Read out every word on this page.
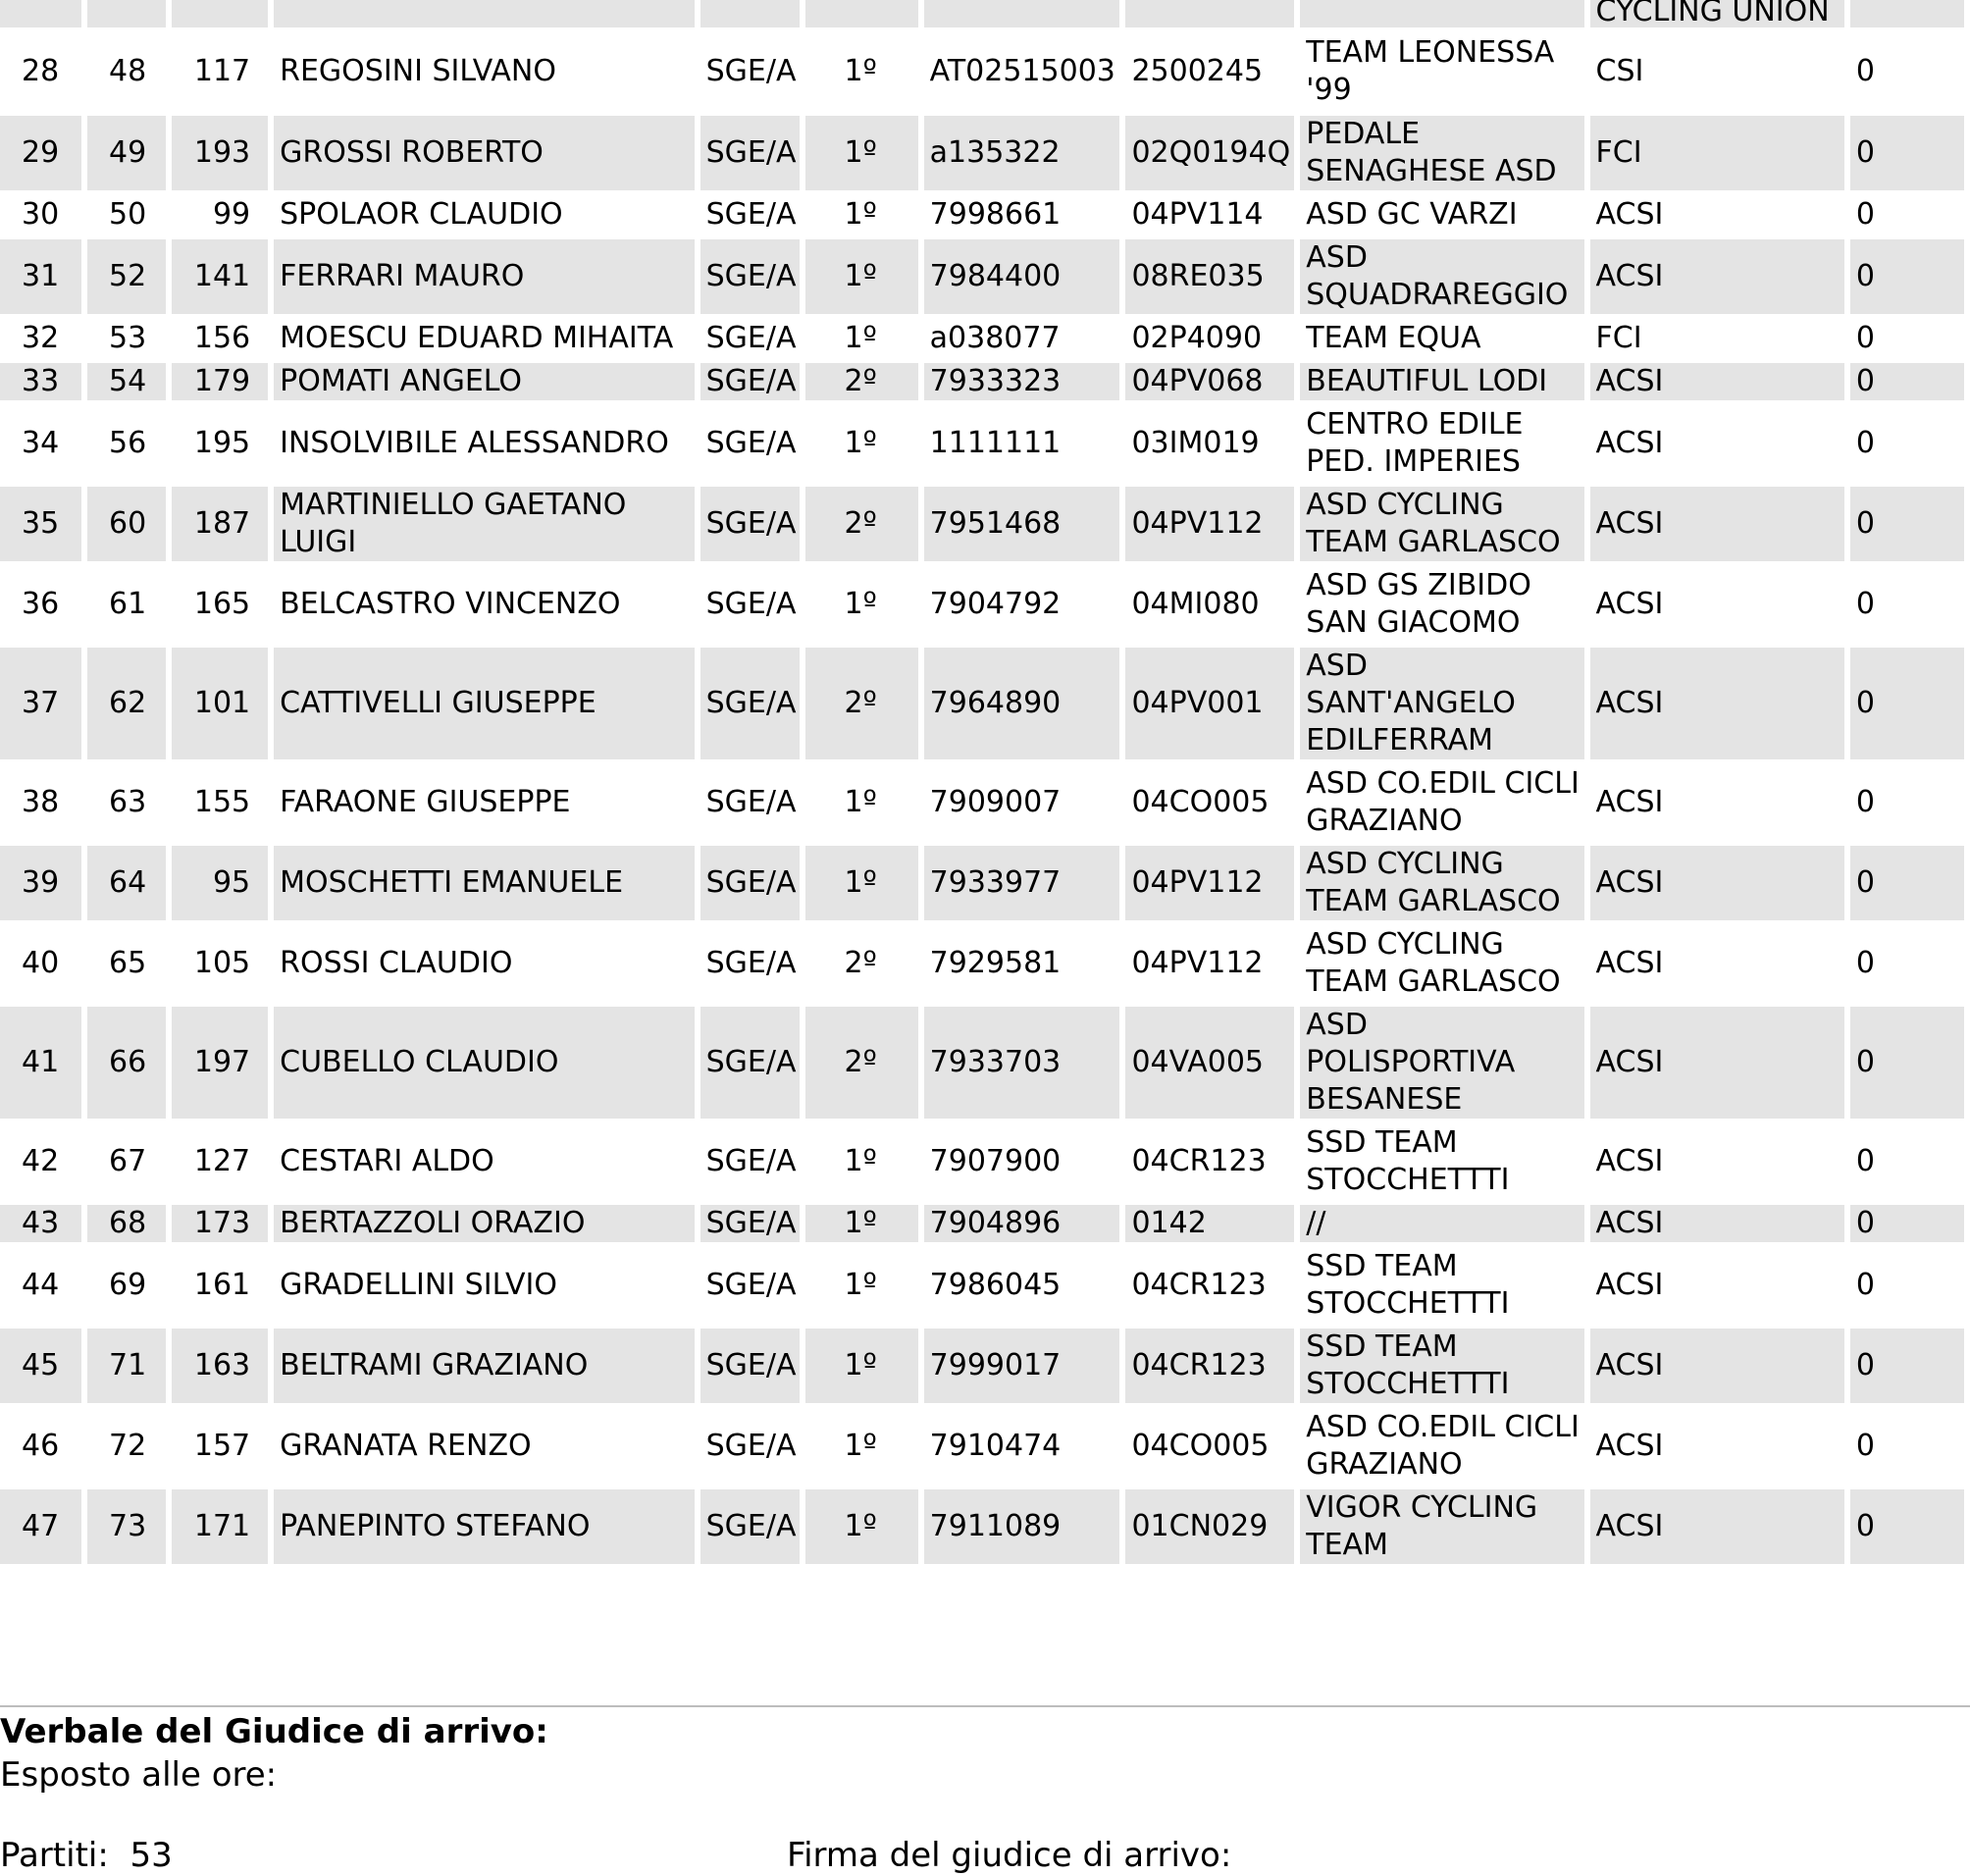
									CYCLING UNION	
28	48	117	REGOSINI SILVANO	SGE/A	1º	AT02515003	2500245	TEAM LEONESSA '99	CSI	0
29	49	193	GROSSI ROBERTO	SGE/A	1º	a135322	02Q0194Q	PEDALE SENAGHESE ASD	FCI	0
30	50	99	SPOLAOR CLAUDIO	SGE/A	1º	7998661	04PV114	ASD GC VARZI	ACSI	0
31	52	141	FERRARI MAURO	SGE/A	1º	7984400	08RE035	ASD SQUADRAREGGIO	ACSI	0
32	53	156	MOESCU EDUARD MIHAITA	SGE/A	1º	a038077	02P4090	TEAM EQUA	FCI	0
33	54	179	POMATI ANGELO	SGE/A	2º	7933323	04PV068	BEAUTIFUL LODI	ACSI	0
34	56	195	INSOLVIBILE ALESSANDRO	SGE/A	1º	1111111	03IM019	CENTRO EDILE PED. IMPERIES	ACSI	0
35	60	187	MARTINIELLO GAETANO LUIGI	SGE/A	2º	7951468	04PV112	ASD CYCLING TEAM GARLASCO	ACSI	0
36	61	165	BELCASTRO VINCENZO	SGE/A	1º	7904792	04MI080	ASD GS ZIBIDO SAN GIACOMO	ACSI	0
37	62	101	CATTIVELLI GIUSEPPE	SGE/A	2º	7964890	04PV001	ASD SANT'ANGELO EDILFERRAM	ACSI	0
38	63	155	FARAONE GIUSEPPE	SGE/A	1º	7909007	04CO005	ASD CO.EDIL CICLI GRAZIANO	ACSI	0
39	64	95	MOSCHETTI EMANUELE	SGE/A	1º	7933977	04PV112	ASD CYCLING TEAM GARLASCO	ACSI	0
40	65	105	ROSSI CLAUDIO	SGE/A	2º	7929581	04PV112	ASD CYCLING TEAM GARLASCO	ACSI	0
41	66	197	CUBELLO CLAUDIO	SGE/A	2º	7933703	04VA005	ASD POLISPORTIVA BESANESE	ACSI	0
42	67	127	CESTARI ALDO	SGE/A	1º	7907900	04CR123	SSD TEAM STOCCHETTTI	ACSI	0
43	68	173	BERTAZZOLI ORAZIO	SGE/A	1º	7904896	0142	//	ACSI	0
44	69	161	GRADELLINI SILVIO	SGE/A	1º	7986045	04CR123	SSD TEAM STOCCHETTTI	ACSI	0
45	71	163	BELTRAMI GRAZIANO	SGE/A	1º	7999017	04CR123	SSD TEAM STOCCHETTTI	ACSI	0
46	72	157	GRANATA RENZO	SGE/A	1º	7910474	04CO005	ASD CO.EDIL CICLI GRAZIANO	ACSI	0
47	73	171	PANEPINTO STEFANO	SGE/A	1º	7911089	01CN029	VIGOR CYCLING TEAM	ACSI	0
Verbale del Giudice di arrivo:
Esposto alle ore:
Partiti: 53	Firma del giudice di arrivo:
